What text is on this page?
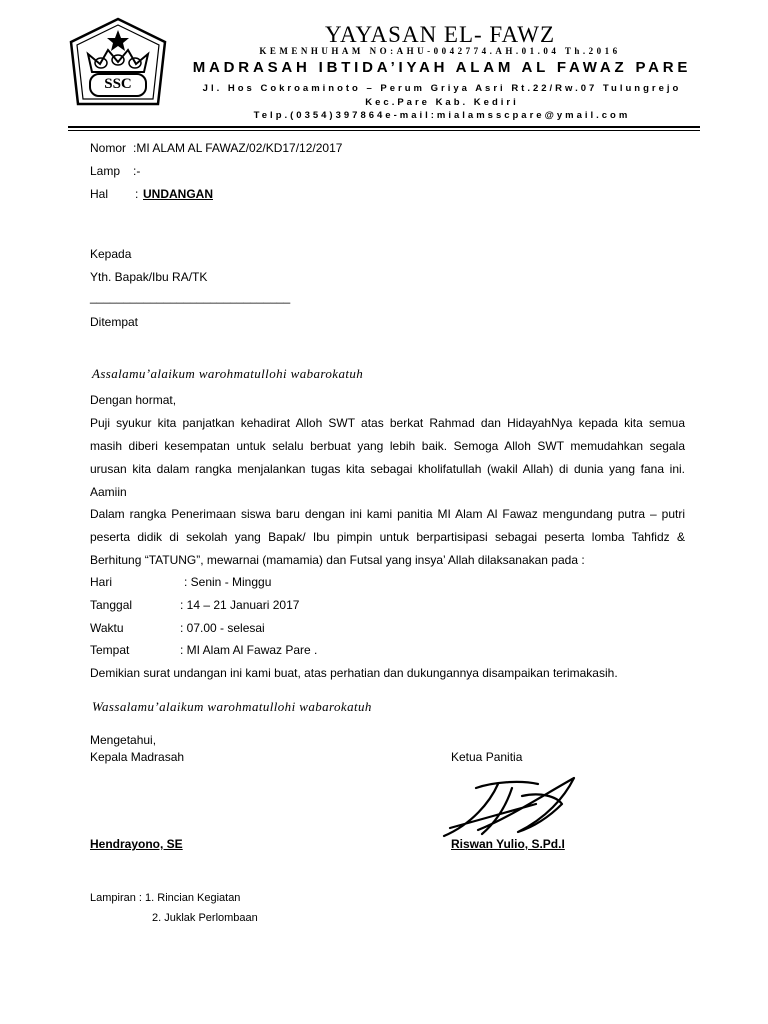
SSC
YAYASAN EL- FAWZ
KEMENHUHAM NO:AHU-0042774.AH.01.04 Th.2016
MADRASAH IBTIDA’IYAH ALAM AL FAWAZ PARE
Jl. Hos Cokroaminoto – Perum Griya Asri Rt.22/Rw.07 Tulungrejo
Kec.Pare Kab. Kediri
Telp.(0354)397864e-mail:mialamsscpare@ymail.com
Nomor :MI ALAM AL FAWAZ/02/KD17/12/2017
Lamp :-
Hal : UNDANGAN
Kepada
Yth. Bapak/Ibu RA/TK
______________________________
Ditempat
Assalamu’alaikum warohmatullohi wabarokatuh
Dengan hormat,
Puji syukur kita panjatkan kehadirat Alloh SWT atas berkat Rahmad dan HidayahNya kepada kita semua
masih diberi kesempatan untuk selalu berbuat yang lebih baik. Semoga Alloh SWT memudahkan segala
urusan kita dalam rangka menjalankan tugas kita sebagai kholifatullah (wakil Allah) di dunia yang fana ini.
Aamiin
Dalam rangka Penerimaan siswa baru dengan ini kami panitia MI Alam Al Fawaz mengundang putra – putri
peserta didik di sekolah yang Bapak/ Ibu pimpin untuk berpartisipasi sebagai peserta lomba Tahfidz &
Berhitung “TATUNG”, mewarnai (mamamia) dan Futsal yang insya’ Allah dilaksanakan pada :
Hari	: Senin - Minggu
Tanggal	: 14 – 21 Januari 2017
Waktu	: 07.00 - selesai
Tempat	: MI Alam Al Fawaz Pare .
Demikian surat undangan ini kami buat, atas perhatian dan dukungannya disampaikan terimakasih.
Wassalamu’alaikum warohmatullohi wabarokatuh
Mengetahui,
Kepala Madrasah	Ketua Panitia
Hendrayono, SE	Riswan Yulio, S.Pd.I
Lampiran : 1. Rincian Kegiatan
2. Juklak Perlombaan
